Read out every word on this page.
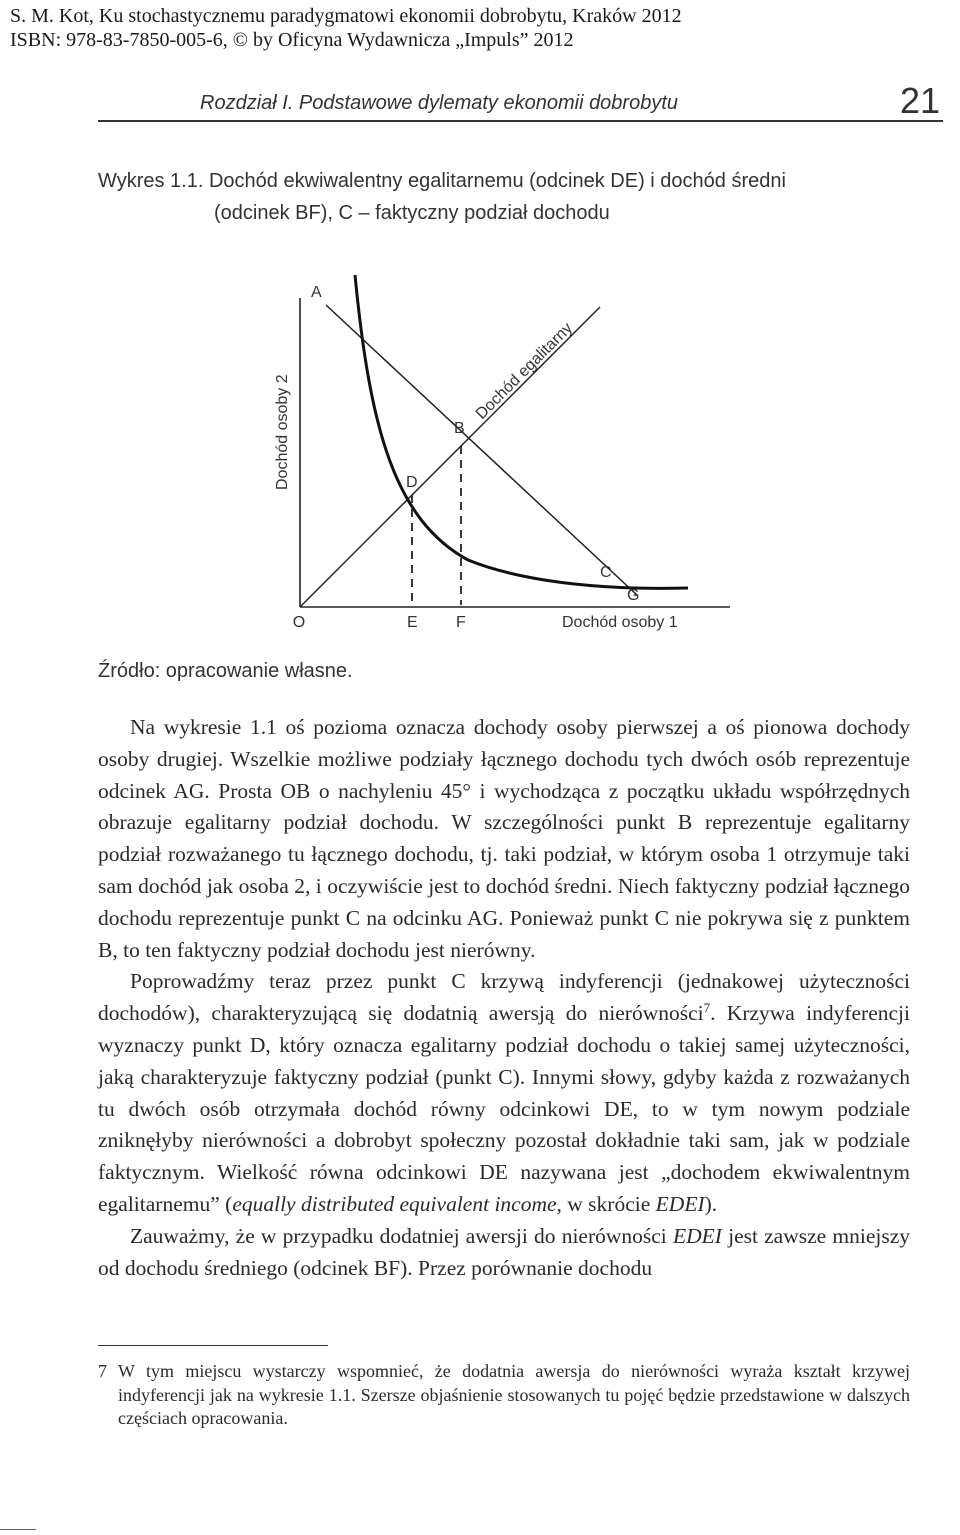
S. M. Kot, Ku stochastycznemu paradygmatowi ekonomii dobrobytu, Kraków 2012
ISBN: 978-83-7850-005-6, © by Oficyna Wydawnicza „Impuls” 2012
Rozdział I. Podstawowe dylematy ekonomii dobrobytu	21
Wykres 1.1. Dochód ekwiwalentny egalitarnemu (odcinek DE) i dochód średni
(odcinek BF), C – faktyczny podział dochodu
A
B
C
D
E F
G
O	Dochód osoby 1
Dochód osoby 2
Dochód egalitarny
Źródło: opracowanie własne.

Na wykresie 1.1 oś pozioma oznacza dochody osoby pierwszej a oś pionowa dochody osoby drugiej. Wszelkie możliwe podziały łącznego dochodu tych dwóch osób reprezentuje odcinek AG. Prosta OB o nachyleniu 45° i wychodząca z początku układu współrzędnych obrazuje egalitarny podział dochodu. W szczególności punkt B reprezentuje egalitarny podział rozważanego tu łącznego dochodu, tj. taki podział, w którym osoba 1 otrzymuje taki sam dochód jak osoba 2, i oczywiście jest to dochód średni. Niech faktyczny podział łącznego dochodu reprezentuje punkt C na odcinku AG. Ponieważ punkt C nie pokrywa się z punktem B, to ten faktyczny podział dochodu jest nierówny.

Poprowadźmy teraz przez punkt C krzywą indyferencji (jednakowej użyteczności dochodów), charakteryzującą się dodatnią awersją do nierówności$^7$. Krzywa indyferencji wyznaczy punkt D, który oznacza egalitarny podział dochodu o takiej samej użyteczności, jaką charakteryzuje faktyczny podział (punkt C). Innymi słowy, gdyby każda z rozważanych tu dwóch osób otrzymała dochód równy odcinkowi DE, to w tym nowym podziale zniknęłyby nierówności a dobrobyt społeczny pozostał dokładnie taki sam, jak w podziale faktycznym. Wielkość równa odcinkowi DE nazywana jest „dochodem ekwiwalentnym egalitarnemu” (equally distributed equivalent income, w skrócie EDEI).

Zauważmy, że w przypadku dodatniej awersji do nierówności EDEI jest zawsze mniejszy od dochodu średniego (odcinek BF). Przez porównanie dochodu

7 W tym miejscu wystarczy wspomnieć, że dodatnia awersja do nierówności wyraża kształt krzywej indyferencji jak na wykresie 1.1. Szersze objaśnienie stosowanych tu pojęć będzie przedstawione w dalszych częściach opracowania.
